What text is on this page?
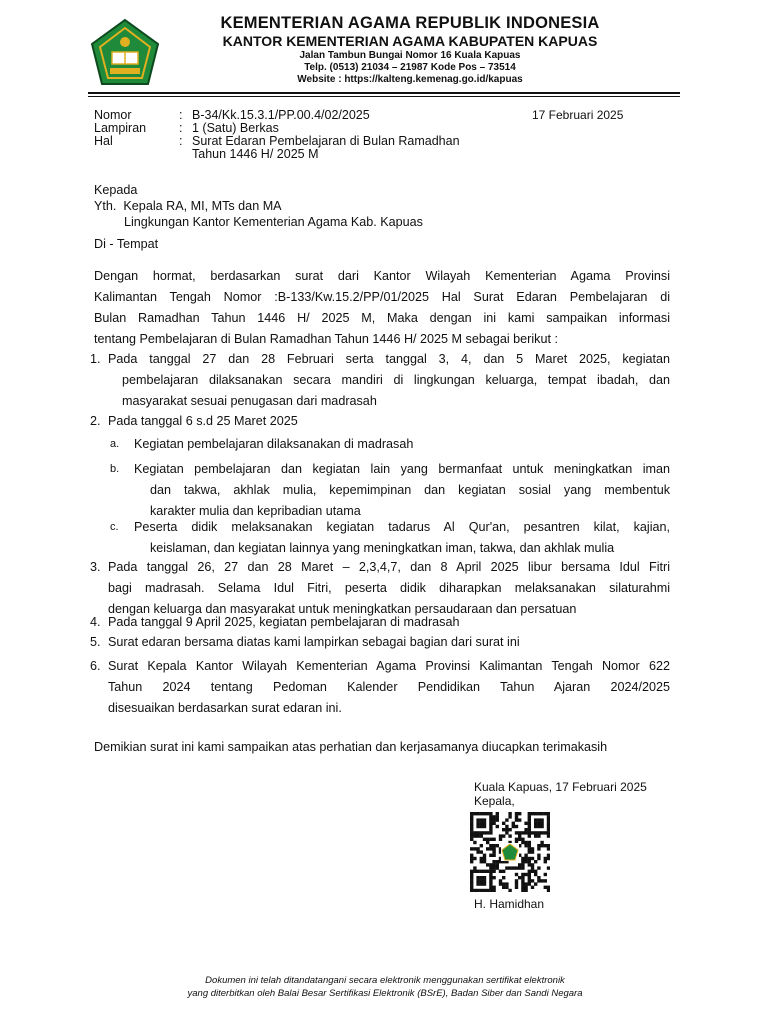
KEMENTERIAN AGAMA REPUBLIK INDONESIA
KANTOR KEMENTERIAN AGAMA KABUPATEN KAPUAS
Jalan Tambun Bungai Nomor 16 Kuala Kapuas
Telp. (0513) 21034 – 21987 Kode Pos – 73514
Website : https://kalteng.kemenag.go.id/kapuas
Nomor	: B-34/Kk.15.3.1/PP.00.4/02/2025
Lampiran	: 1 (Satu) Berkas
Hal	: Surat Edaran Pembelajaran di Bulan Ramadhan
Tahun 1446 H/ 2025 M
17 Februari 2025
Kepada
Yth. Kepala RA, MI, MTs dan MA
Lingkungan Kantor Kementerian Agama Kab. Kapuas
Di - Tempat
Dengan hormat, berdasarkan surat dari Kantor Wilayah Kementerian Agama Provinsi
Kalimantan Tengah Nomor :B-133/Kw.15.2/PP/01/2025 Hal Surat Edaran Pembelajaran di
Bulan Ramadhan Tahun 1446 H/ 2025 M, Maka dengan ini kami sampaikan informasi
tentang Pembelajaran di Bulan Ramadhan Tahun 1446 H/ 2025 M sebagai berikut :
1. Pada tanggal 27 dan 28 Februari serta tanggal 3, 4, dan 5 Maret 2025, kegiatan
pembelajaran dilaksanakan secara mandiri di lingkungan keluarga, tempat ibadah, dan
masyarakat sesuai penugasan dari madrasah
2. Pada tanggal 6 s.d 25 Maret 2025
a. Kegiatan pembelajaran dilaksanakan di madrasah
b. Kegiatan pembelajaran dan kegiatan lain yang bermanfaat untuk meningkatkan iman
dan takwa, akhlak mulia, kepemimpinan dan kegiatan sosial yang membentuk
karakter mulia dan kepribadian utama
c. Peserta didik melaksanakan kegiatan tadarus Al Qur'an, pesantren kilat, kajian,
keislaman, dan kegiatan lainnya yang meningkatkan iman, takwa, dan akhlak mulia
3. Pada tanggal 26, 27 dan 28 Maret – 2,3,4,7, dan 8 April 2025 libur bersama Idul Fitri
bagi madrasah. Selama Idul Fitri, peserta didik diharapkan melaksanakan silaturahmi
dengan keluarga dan masyarakat untuk meningkatkan persaudaraan dan persatuan
4. Pada tanggal 9 April 2025, kegiatan pembelajaran di madrasah
5. Surat edaran bersama diatas kami lampirkan sebagai bagian dari surat ini
6. Surat Kepala Kantor Wilayah Kementerian Agama Provinsi Kalimantan Tengah Nomor 622
Tahun 2024 tentang Pedoman Kalender Pendidikan Tahun Ajaran 2024/2025
disesuaikan berdasarkan surat edaran ini.
Demikian surat ini kami sampaikan atas perhatian dan kerjasamanya diucapkan terimakasih
Kuala Kapuas, 17 Februari 2025
Kepala,
H. Hamidhan
Dokumen ini telah ditandatangani secara elektronik menggunakan sertifikat elektronik
yang diterbitkan oleh Balai Besar Sertifikasi Elektronik (BSrE), Badan Siber dan Sandi Negara
